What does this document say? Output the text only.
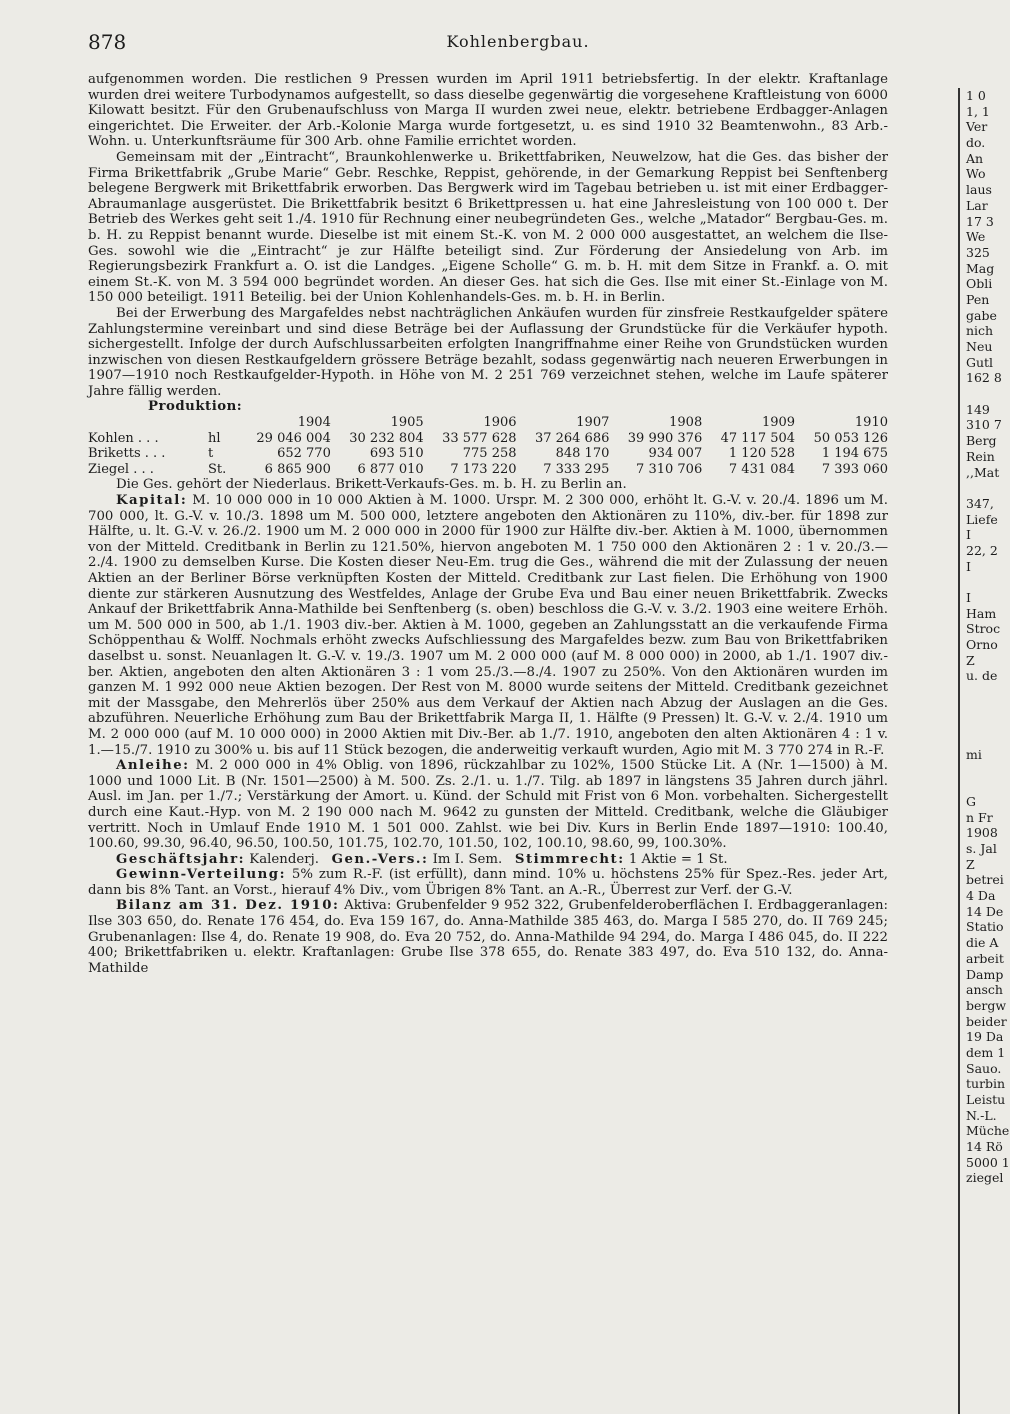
878	Kohlenbergbau.

aufgenommen worden. Die restlichen 9 Pressen wurden im April 1911 betriebsfertig. In der elektr. Kraftanlage wurden drei weitere Turbodynamos aufgestellt, so dass dieselbe gegenwärtig die vorgesehene Kraftleistung von 6000 Kilowatt besitzt. Für den Grubenaufschluss von Marga II wurden zwei neue, elektr. betriebene Erdbagger-Anlagen eingerichtet. Die Erweiter. der Arb.-Kolonie Marga wurde fortgesetzt, u. es sind 1910 32 Beamtenwohn., 83 Arb.-Wohn. u. Unterkunftsräume für 300 Arb. ohne Familie errichtet worden.

Gemeinsam mit der „Eintracht“, Braunkohlenwerke u. Brikettfabriken, Neuwelzow, hat die Ges. das bisher der Firma Brikettfabrik „Grube Marie“ Gebr. Reschke, Reppist, gehörende, in der Gemarkung Reppist bei Senftenberg belegene Bergwerk mit Brikettfabrik erworben. Das Bergwerk wird im Tagebau betrieben u. ist mit einer Erdbagger-Abraumanlage ausgerüstet. Die Brikettfabrik besitzt 6 Brikettpressen u. hat eine Jahresleistung von 100 000 t. Der Betrieb des Werkes geht seit 1./4. 1910 für Rechnung einer neubegründeten Ges., welche „Matador“ Bergbau-Ges. m. b. H. zu Reppist benannt wurde. Dieselbe ist mit einem St.-K. von M. 2 000 000 ausgestattet, an welchem die Ilse-Ges. sowohl wie die „Eintracht“ je zur Hälfte beteiligt sind. Zur Förderung der Ansiedelung von Arb. im Regierungsbezirk Frankfurt a. O. ist die Landges. „Eigene Scholle“ G. m. b. H. mit dem Sitze in Frankf. a. O. mit einem St.-K. von M. 3 594 000 begründet worden. An dieser Ges. hat sich die Ges. Ilse mit einer St.-Einlage von M. 150 000 beteiligt. 1911 Beteilig. bei der Union Kohlenhandels-Ges. m. b. H. in Berlin.

Bei der Erwerbung des Margafeldes nebst nachträglichen Ankäufen wurden für zinsfreie Restkaufgelder spätere Zahlungstermine vereinbart und sind diese Beträge bei der Auflassung der Grundstücke für die Verkäufer hypoth. sichergestellt. Infolge der durch Aufschlussarbeiten erfolgten Inangriffnahme einer Reihe von Grundstücken wurden inzwischen von diesen Restkaufgeldern grössere Beträge bezahlt, sodass gegenwärtig nach neueren Erwerbungen in 1907—1910 noch Restkaufgelder-Hypoth. in Höhe von M. 2 251 769 verzeichnet stehen, welche im Laufe späterer Jahre fällig werden.

Produktion:

		1904	1905	1906	1907	1908	1909	1910
Kohlen . . .	hl	29 046 004	30 232 804	33 577 628	37 264 686	39 990 376	47 117 504	50 053 126
Briketts . . .	t	652 770	693 510	775 258	848 170	934 007	1 120 528	1 194 675
Ziegel . . .	St.	6 865 900	6 877 010	7 173 220	7 333 295	7 310 706	7 431 084	7 393 060

Die Ges. gehört der Niederlaus. Brikett-Verkaufs-Ges. m. b. H. zu Berlin an.

Kapital: M. 10 000 000 in 10 000 Aktien à M. 1000. Urspr. M. 2 300 000, erhöht lt. G.-V. v. 20./4. 1896 um M. 700 000, lt. G.-V. v. 10./3. 1898 um M. 500 000, letztere angeboten den Aktionären zu 110%, div.-ber. für 1898 zur Hälfte, u. lt. G.-V. v. 26./2. 1900 um M. 2 000 000 in 2000 für 1900 zur Hälfte div.-ber. Aktien à M. 1000, übernommen von der Mitteld. Creditbank in Berlin zu 121.50%, hiervon angeboten M. 1 750 000 den Aktionären 2 : 1 v. 20./3.—2./4. 1900 zu demselben Kurse. Die Kosten dieser Neu-Em. trug die Ges., während die mit der Zulassung der neuen Aktien an der Berliner Börse verknüpften Kosten der Mitteld. Creditbank zur Last fielen. Die Erhöhung von 1900 diente zur stärkeren Ausnutzung des Westfeldes, Anlage der Grube Eva und Bau einer neuen Brikettfabrik. Zwecks Ankauf der Brikettfabrik Anna-Mathilde bei Senftenberg (s. oben) beschloss die G.-V. v. 3./2. 1903 eine weitere Erhöh. um M. 500 000 in 500, ab 1./1. 1903 div.-ber. Aktien à M. 1000, gegeben an Zahlungsstatt an die verkaufende Firma Schöppenthau & Wolff. Nochmals erhöht zwecks Aufschliessung des Margafeldes bezw. zum Bau von Brikettfabriken daselbst u. sonst. Neuanlagen lt. G.-V. v. 19./3. 1907 um M. 2 000 000 (auf M. 8 000 000) in 2000, ab 1./1. 1907 div.-ber. Aktien, angeboten den alten Aktionären 3 : 1 vom 25./3.—8./4. 1907 zu 250%. Von den Aktionären wurden im ganzen M. 1 992 000 neue Aktien bezogen. Der Rest von M. 8000 wurde seitens der Mitteld. Creditbank gezeichnet mit der Massgabe, den Mehrerlös über 250% aus dem Verkauf der Aktien nach Abzug der Auslagen an die Ges. abzuführen. Neuerliche Erhöhung zum Bau der Brikettfabrik Marga II, 1. Hälfte (9 Pressen) lt. G.-V. v. 2./4. 1910 um M. 2 000 000 (auf M. 10 000 000) in 2000 Aktien mit Div.-Ber. ab 1./7. 1910, angeboten den alten Aktionären 4 : 1 v. 1.—15./7. 1910 zu 300% u. bis auf 11 Stück bezogen, die anderweitig verkauft wurden, Agio mit M. 3 770 274 in R.-F.

Anleihe: M. 2 000 000 in 4% Oblig. von 1896, rückzahlbar zu 102%, 1500 Stücke Lit. A (Nr. 1—1500) à M. 1000 und 1000 Lit. B (Nr. 1501—2500) à M. 500. Zs. 2./1. u. 1./7. Tilg. ab 1897 in längstens 35 Jahren durch jährl. Ausl. im Jan. per 1./7.; Verstärkung der Amort. u. Künd. der Schuld mit Frist von 6 Mon. vorbehalten. Sichergestellt durch eine Kaut.-Hyp. von M. 2 190 000 nach M. 9642 zu gunsten der Mitteld. Creditbank, welche die Gläubiger vertritt. Noch in Umlauf Ende 1910 M. 1 501 000. Zahlst. wie bei Div. Kurs in Berlin Ende 1897—1910: 100.40, 100.60, 99.30, 96.40, 96.50, 100.50, 101.75, 102.70, 101.50, 102, 100.10, 98.60, 99, 100.30%.

Geschäftsjahr: Kalenderj. Gen.-Vers.: Im I. Sem. Stimmrecht: 1 Aktie = 1 St.

Gewinn-Verteilung: 5% zum R.-F. (ist erfüllt), dann mind. 10% u. höchstens 25% für Spez.-Res. jeder Art, dann bis 8% Tant. an Vorst., hierauf 4% Div., vom Übrigen 8% Tant. an A.-R., Überrest zur Verf. der G.-V.

Bilanz am 31. Dez. 1910: Aktiva: Grubenfelder 9 952 322, Grubenfelderoberflächen I. Erdbaggeranlagen: Ilse 303 650, do. Renate 176 454, do. Eva 159 167, do. Anna-Mathilde 385 463, do. Marga I 585 270, do. II 769 245; Grubenanlagen: Ilse 4, do. Renate 19 908, do. Eva 20 752, do. Anna-Mathilde 94 294, do. Marga I 486 045, do. II 222 400; Brikettfabriken u. elektr. Kraftanlagen: Grube Ilse 378 655, do. Renate 383 497, do. Eva 510 132, do. Anna-Mathilde

1 0
1, 1
Ver
do.
An
Wo
laus
Lar
17 3
We
325
Mag
Obli
Pen
gabe
nich
Neu
Gutl
162 8
149
310 7
Berg
Rein
,,Mat
347,
Liefe
I
22, 2
I
I
Ham
Stroc
Orno
Z
u. de
mi
G
n Fr
1908
s. Jal
Z
betrei
4 Da
14 De
Statio
die A
arbeit
Damp
ansch
bergw
beider
19 Da
dem 1
Sauo.
turbin
Leistu
N.-L.
Müche
14 Rö
5000 1
ziegel
